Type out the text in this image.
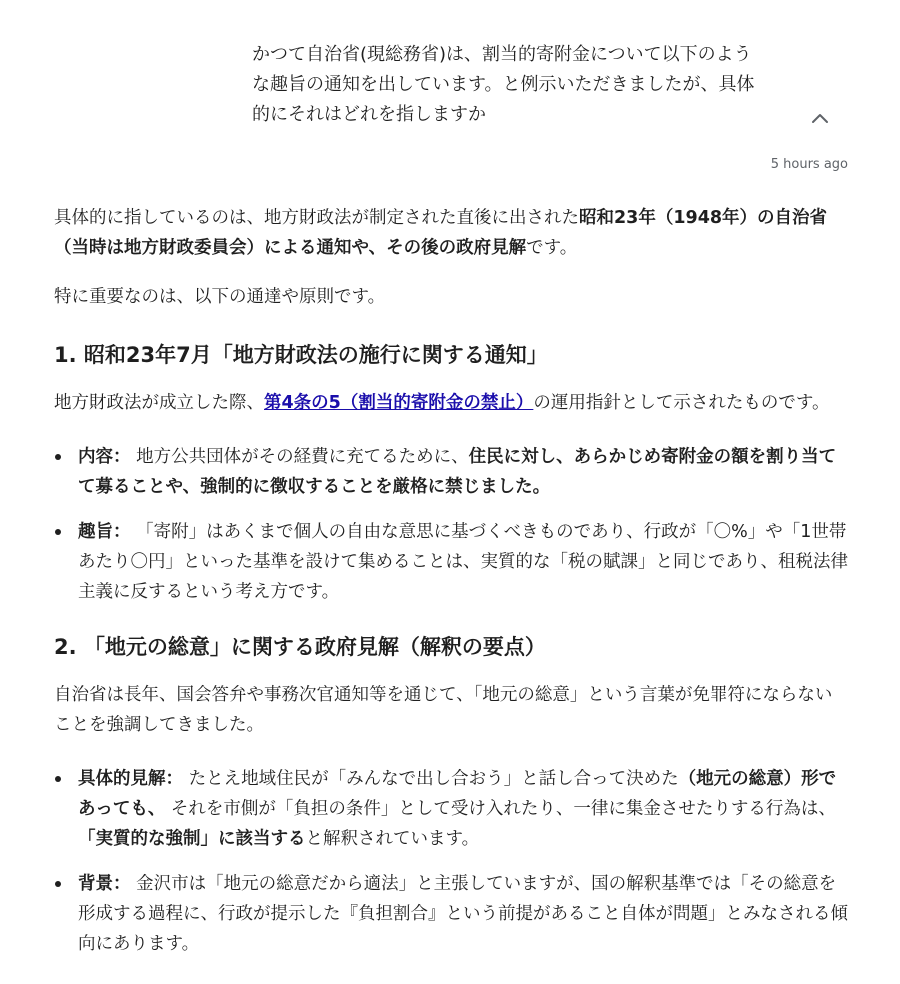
かつて自治省(現総務省)は、割当的寄附金について以下のよう
な趣旨の通知を出しています。と例示いただきましたが、具体
的にそれはどれを指しますか
5 hours ago

具体的に指しているのは、地方財政法が制定された直後に出された昭和23年（1948年）の自治省（当時は地方財政委員会）による通知や、その後の政府見解です。

特に重要なのは、以下の通達や原則です。

1. 昭和23年7月「地方財政法の施行に関する通知」

地方財政法が成立した際、第4条の5（割当的寄附金の禁止）の運用指針として示されたものです。

内容： 地方公共団体がその経費に充てるために、住民に対し、あらかじめ寄附金の額を割り当てて募ることや、強制的に徴収することを厳格に禁じました。
趣旨： 「寄附」はあくまで個人の自由な意思に基づくべきものであり、行政が「〇%」や「1世帯あたり〇円」といった基準を設けて集めることは、実質的な「税の賦課」と同じであり、租税法律主義に反するという考え方です。
2. 「地元の総意」に関する政府見解（解釈の要点）

自治省は長年、国会答弁や事務次官通知等を通じて、「地元の総意」という言葉が免罪符にならないことを強調してきました。

具体的見解： たとえ地域住民が「みんなで出し合おう」と話し合って決めた（地元の総意）形であっても、 それを市側が「負担の条件」として受け入れたり、一律に集金させたりする行為は、「実質的な強制」に該当すると解釈されています。
背景： 金沢市は「地元の総意だから適法」と主張していますが、国の解釈基準では「その総意を形成する過程に、行政が提示した『負担割合』という前提があること自体が問題」とみなされる傾向にあります。
